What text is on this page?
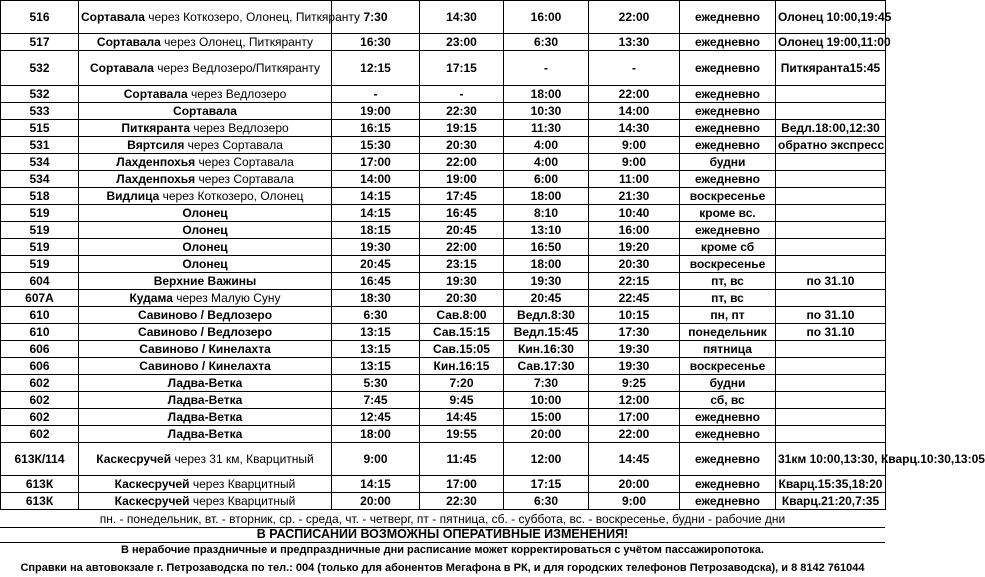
516	Сортавала через Коткозеро, Олонец, Питкяранту	7:30	14:30	16:00	22:00	ежедневно	Олонец 10:00,19:45
517	Сортавала через Олонец, Питкяранту	16:30	23:00	6:30	13:30	ежедневно	Олонец 19:00,11:00
532	Сортавала через Ведлозеро/Питкяранту	12:15	17:15	-	-	ежедневно	Питкяранта15:45
532	Сортавала через Ведлозеро	-	-	18:00	22:00	ежедневно	
533	Сортавала	19:00	22:30	10:30	14:00	ежедневно	
515	Питкяранта через Ведлозеро	16:15	19:15	11:30	14:30	ежедневно	Ведл.18:00,12:30
531	Вяртсиля через Сортавала	15:30	20:30	4:00	9:00	ежедневно	обратно экспресс
534	Лахденпохья через Сортавала	17:00	22:00	4:00	9:00	будни	
534	Лахденпохья через Сортавала	14:00	19:00	6:00	11:00	ежедневно	
518	Видлица через Коткозеро, Олонец	14:15	17:45	18:00	21:30	воскресенье	
519	Олонец	14:15	16:45	8:10	10:40	кроме вс.	
519	Олонец	18:15	20:45	13:10	16:00	ежедневно	
519	Олонец	19:30	22:00	16:50	19:20	кроме сб	
519	Олонец	20:45	23:15	18:00	20:30	воскресенье	
604	Верхние Важины	16:45	19:30	19:30	22:15	пт, вс	по 31.10
607А	Кудама через Малую Суну	18:30	20:30	20:45	22:45	пт, вс	
610	Савиново / Ведлозеро	6:30	Сав.8:00	Ведл.8:30	10:15	пн, пт	по 31.10
610	Савиново / Ведлозеро	13:15	Сав.15:15	Ведл.15:45	17:30	понедельник	по 31.10
606	Савиново / Кинелахта	13:15	Сав.15:05	Кин.16:30	19:30	пятница	
606	Савиново / Кинелахта	13:15	Кин.16:15	Сав.17:30	19:30	воскресенье	
602	Ладва-Ветка	5:30	7:20	7:30	9:25	будни	
602	Ладва-Ветка	7:45	9:45	10:00	12:00	сб, вс	
602	Ладва-Ветка	12:45	14:45	15:00	17:00	ежедневно	
602	Ладва-Ветка	18:00	19:55	20:00	22:00	ежедневно	
613К/114	Каскесручей через 31 км, Кварцитный	9:00	11:45	12:00	14:45	ежедневно	31км 10:00,13:30, Кварц.10:30,13:05
613К	Каскесручей через Кварцитный	14:15	17:00	17:15	20:00	ежедневно	Кварц.15:35,18:20
613К	Каскесручей через Кварцитный	20:00	22:30	6:30	9:00	ежедневно	Кварц.21:20,7:35
пн. - понедельник, вт. - вторник, ср. - среда, чт. - четверг, пт - пятница, сб. - суббота, вс. - воскресенье, будни - рабочие дни
В РАСПИСАНИИ ВОЗМОЖНЫ ОПЕРАТИВНЫЕ ИЗМЕНЕНИЯ!
В нерабочие праздничные и предпраздничные дни расписание может корректироваться с учётом пассажиропотока.
Справки на автовокзале г. Петрозаводска по тел.: 004 (только для абонентов Мегафона в РК, и для городских телефонов Петрозаводска), и 8 8142 761044
